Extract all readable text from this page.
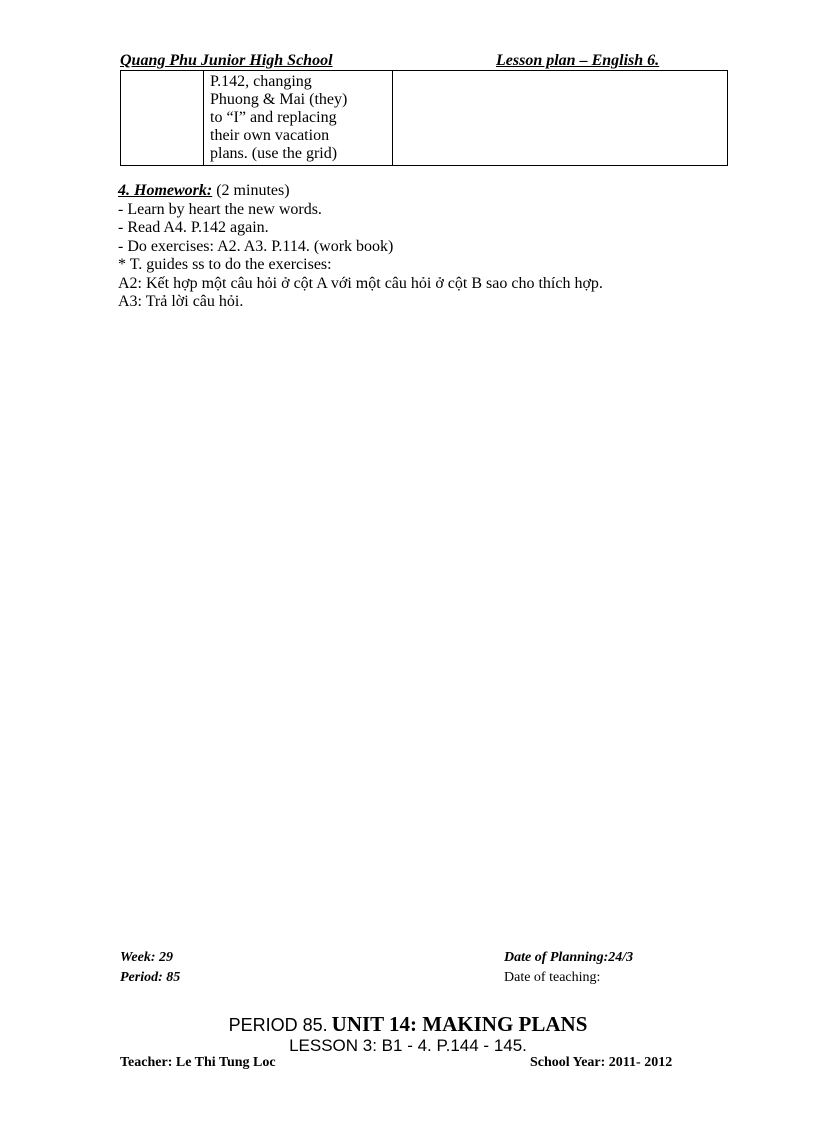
Quang Phu Junior High School	Lesson plan – English 6.

P.142, changing
Phuong & Mai (they)
to “I” and replacing
their own vacation
plans. (use the grid)

4. Homework: (2 minutes)
- Learn by heart the new words.
- Read A4. P.142 again.
- Do exercises: A2. A3. P.114. (work book)
* T. guides ss to do the exercises:
A2: Kết hợp một câu hỏi ở cột A với một câu hỏi ở cột B sao cho thích hợp.
A3: Trả lời câu hỏi.
Week: 29
Period: 85
Date of Planning:24/3
Date of teaching:
PERIOD 85. UNIT 14: MAKING PLANS
LESSON 3: B1 - 4. P.144 - 145.
Teacher: Le Thi Tung Loc	School Year: 2011- 2012
